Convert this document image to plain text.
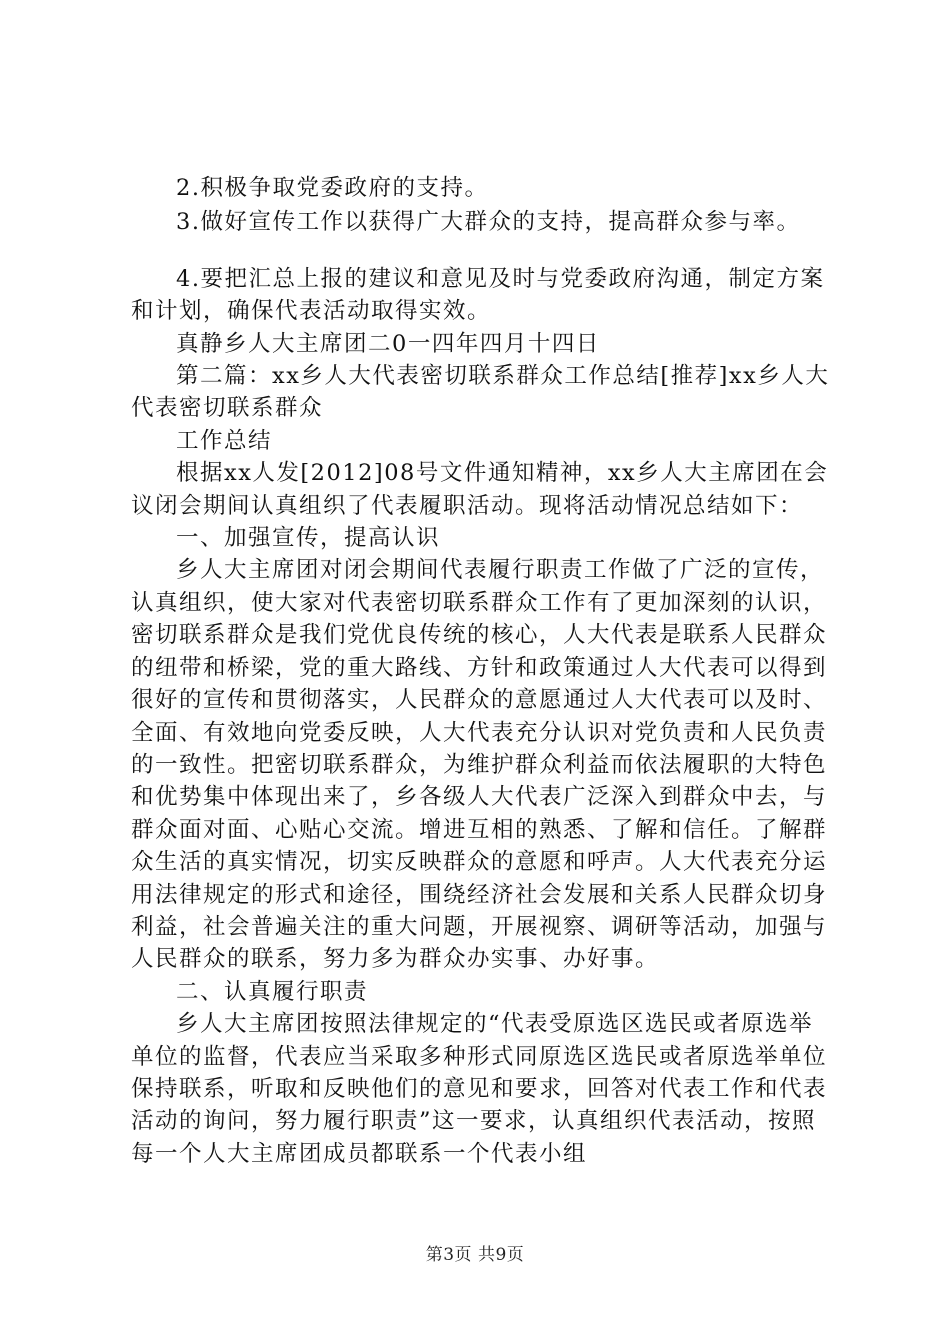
2.积极争取党委政府的支持。

3.做好宣传工作以获得广大群众的支持，提高群众参与率。

4.要把汇总上报的建议和意见及时与党委政府沟通，制定方案和计划，确保代表活动取得实效。

真静乡人大主席团二0一四年四月十四日

第二篇：xx乡人大代表密切联系群众工作总结[推荐]xx乡人大代表密切联系群众

工作总结

根据xx人发[2012]08号文件通知精神，xx乡人大主席团在会议闭会期间认真组织了代表履职活动。现将活动情况总结如下：

一、加强宣传，提高认识

乡人大主席团对闭会期间代表履行职责工作做了广泛的宣传，认真组织，使大家对代表密切联系群众工作有了更加深刻的认识，密切联系群众是我们党优良传统的核心，人大代表是联系人民群众的纽带和桥梁，党的重大路线、方针和政策通过人大代表可以得到很好的宣传和贯彻落实，人民群众的意愿通过人大代表可以及时、全面、有效地向党委反映，人大代表充分认识对党负责和人民负责的一致性。把密切联系群众，为维护群众利益而依法履职的大特色和优势集中体现出来了，乡各级人大代表广泛深入到群众中去，与群众面对面、心贴心交流。增进互相的熟悉、了解和信任。了解群众生活的真实情况，切实反映群众的意愿和呼声。人大代表充分运用法律规定的形式和途径，围绕经济社会发展和关系人民群众切身利益，社会普遍关注的重大问题，开展视察、调研等活动，加强与人民群众的联系，努力多为群众办实事、办好事。

二、认真履行职责

乡人大主席团按照法律规定的“代表受原选区选民或者原选举单位的监督，代表应当采取多种形式同原选区选民或者原选举单位保持联系，听取和反映他们的意见和要求，回答对代表工作和代表活动的询问，努力履行职责”这一要求，认真组织代表活动，按照每一个人大主席团成员都联系一个代表小组

第3页 共9页
